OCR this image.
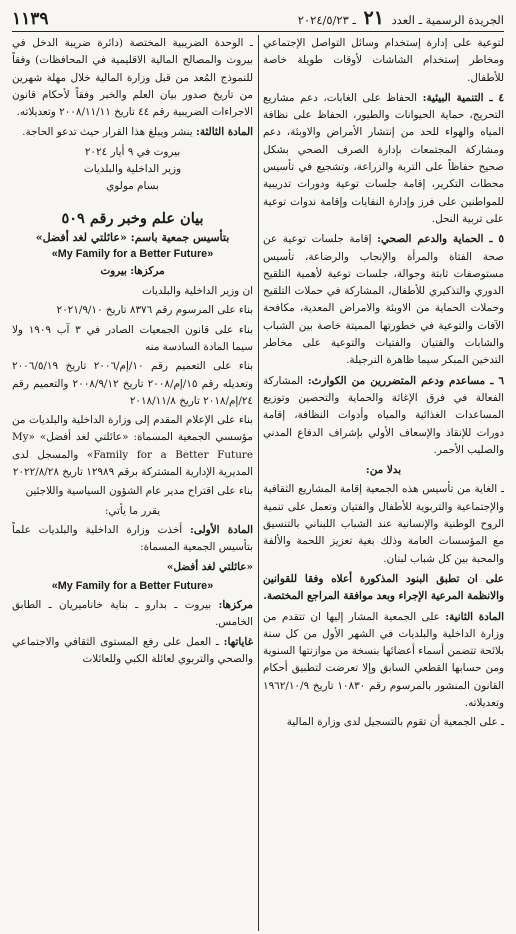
الجريدة الرسمية ـ العدد ٢١ ـ ٢٠٢٤/٥/٢٣
١١٣٩

لتوعية على إدارة إستخدام وسائل التواصل الإجتماعي ومخاطر إستخدام الشاشات لأوقات طويلة خاصة للأطفال.

٤ ـ التنمية البيئية: الحفاظ على الغابات، دعم مشاريع التحريج، حماية الحيوانات والطيور، الحفاظ على نظافة المياه والهواء للحد من إنتشار الأمراض والاوبئة، دعم ومشاركة المجتمعات بإدارة الصرف الصحي بشكل صحيح حفاظاً على التربة والزراعة، وتشجيع في تأسيس محطات التكرير، إقامة جلسات توعية ودورات تدريبية للمواطنين على فرز وإدارة النفايات وإقامة ندوات توعية على تربية النحل.

٥ ـ الحماية والدعم الصحي: إقامة جلسات توعية عن صحة الفتاة والمرأة والإنجاب والرضاعة، تأسيس مستوصفات ثابتة وجوالة، جلسات توعية لأهمية التلقيح الدوري والتذكيري للأطفال، المشاركة في حملات التلقيح وحملات الحماية من الاوبئة والامراض المعدية، مكافحة الآفات والتوعية في خطورتها المميتة خاصة بين الشباب والشابات والفتيان والفتيات والتوعية على مخاطر التدخين المبكر سيما ظاهرة النرجيلة.

٦ ـ مساعدم ودعم المتضررين من الكوارث: المشاركة الفعالة في فرق الإغاثة والحماية والتحصين وتوزيع المساعدات الغذائية والمياه وأدوات النظافة، إقامة دورات للإنقاذ والإسعاف الأولي بإشراف الدفاع المدني والصليب الأحمر.

بدلا من:

ـ الغاية من تأسيس هذه الجمعية إقامة المشاريع الثقافية والإجتماعية والتربوية للأطفال والفتيان وتعمل على تنمية الروح الوطنية والإنسانية عند الشباب اللبناني بالتنسيق مع المؤسسات العامة وذلك بغية تعزيز اللحمة والألفة والمحبة بين كل شباب لبنان.

على ان تطبق البنود المذكورة أعلاه وفقا للقوانين والانظمة المرعية الإجراء وبعد موافقة المراجع المختصة.

المادة الثانية: على الجمعية المشار إليها ان تتقدم من وزارة الداخلية والبلديات في الشهر الأول من كل سنة بلائحة تتضمن أسماء أعضائها بنسخة من موازنتها السنوية ومن حسابها القطعي السابق وإلا تعرضت لتطبيق أحكام القانون المنشور بالمرسوم رقم ١٠٨٣٠ تاريخ ١٩٦٢/١٠/٩ وتعديلاته.

ـ على الجمعية أن تقوم بالتسجيل لدى وزارة المالية

ـ الوحدة الضريبية المختصة (دائرة ضريبة الدخل في بيروت والمصالح المالية الاقليمية في المحافظات) وفقاً للنموذج المُعد من قبل وزارة المالية خلال مهلة شهرين من تاريخ صدور بيان العلم والخبر وفقاً لأحكام قانون الاجراءات الضريبية رقم ٤٤ تاريخ ٢٠٠٨/١١/١١ وتعديلاته.

المادة الثالثة: ينشر ويبلغ هذا القرار حيث تدعو الحاجة.

بيروت في ٩ أيار ٢٠٢٤
وزير الداخلية والبلديات
بسام مولوي
بيان علم وخبر رقم ٥٠٩
بتأسيس جمعية باسم: «عائلتي لغد أفضل»
«My Family for a Better Future»
مركزها: بيروت

ان وزير الداخلية والبلديات

بناء على المرسوم رقم ٨٣٧٦ تاريخ ٢٠٢١/٩/١٠

بناء على قانون الجمعيات الصادر في ٣ آب ١٩٠٩ ولا سيما المادة السادسة منه

بناء على التعميم رقم ١٠/إم/٢٠٠٦ تاريخ ٢٠٠٦/٥/١٩ وتعديله رقم ١٥/إم/٢٠٠٨ تاريخ ٢٠٠٨/٩/١٢ والتعميم رقم ٢٤/إم/٢٠١٨ تاريخ ٢٠١٨/١١/٨

بناء على الإعلام المقدم إلى وزارة الداخلية والبلديات من مؤسسي الجمعية المسماة: «عائلتي لغد أفضل» «My Family for a Better Future» والمسجل لدى المديرية الإدارية المشتركة برقم ١٢٩٨٩ تاريخ ٢٠٢٢/٨/٢٨

بناء على اقتراح مدير عام الشؤون السياسية واللاجئين

يقرر ما يأتي:

المادة الأولى: أخذت وزارة الداخلية والبلديات علماً بتأسيس الجمعية المسماة:

«عائلتي لغد أفضل»

«My Family for a Better Future»

مركزها: بيروت ـ بدارو ـ بناية خاناميريان ـ الطابق الخامس.

غاياتها: ـ العمل على رفع المستوى الثقافي والاجتماعي والصحي والتربوي لعائلة الكبي وللعائلات
